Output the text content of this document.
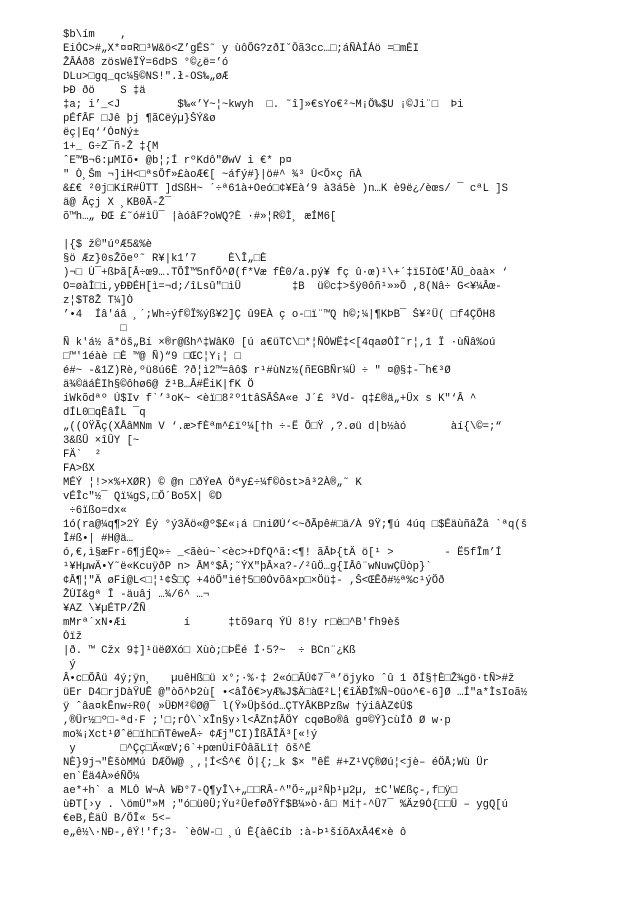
$b\ím    ,
EiÓC>#„X*¤¤R□³W&ö<Z’gÉS˜ y ùôÕG?zðI˘Ôã3cc…□;áÑÀÍÁö =□mÈI
ŽÂÁð8 zösWêÏŸ=6dÞS °©¿ë=’ó
DLu>□gq_qc¼§©NS!".ł-OS‰„øÆ
ÞÐ ðö    S ‡ä
‡a; i’_<J         $‰«’Y~¦~kwyh  □. ˜î]»€sYo€²~M¡Ö‰$U ¡©Ji¨□  Þi
pÉfÂF □Jê þj ¶ãCëýµ}ŠÝ&ø
ëç|Eq‘‘Ó¤Ný±
1+_ G÷Z¯ñ-Ž ‡{M
ˆE™B¬6:µMIõ• @b¦;Í rºKdô"ØwV i €* p¤
" Ò¸Šm ¬]iH<□ªsÔf»£àoÆ€[ ~áfý#}|ö#^ ¾³ Ù<Õ×ç ñÀ
&£€ ²0j□KíR#ÜTT ]dSßH~ ´÷ª61à+Oeó□¢¥Eà‘9 à3á5è )n…K è9ë¿/èœs/ ¯ cªL ]S
ä@ Âçj X ¸KB0Ã-Ž¯
õ™h…„ ÐŒ £˜ó#ìÜ¯ |àóâF?oWQ?È ·#»¦R©Ì¸ æÍM6[
|{$ ž©"úºÆ5&%è
§ö Æz}0sŽõeº˜ R¥|k1’7     È\Î„□È
)¬□ Ù¯+ßÞã[Â÷œ9….TÕÎ™5nfÕ^Ø(f*Væ fÈ0/a.pý¥ fç û·œ)¹\+´‡ï5IòŒ'ÃÛ_òaà× ‘
O=øàÌ□i,yÐÐÉH[ì=¬d;/îLsû″□ìÜ        ‡B  ü©c‡>šÿ0ôñ¹»»Ô ,8(Nâ÷ G<¥¼Âœ-
z¦$T8Ž T¼]Ò
’•4  Íâ'áâ ¸´;Wh÷ýf©Ï%ýß¥2]Ç û9EÀ ç o-□ï¨™Q h©;¼|¶KÞB¯ Š¥²Ü( □f4ÇÕH8
□
Ñ k'á½ ã*öš„Bí ×®r@ßh^‡WâK0 [ú a€üTC\□*¦ÑÓWË‡<[4qaøÒÌ˜r¦,1 Ï ·ùÑâ%oú
□™'1éàè □È ™@ Ñ)“9 □ŒC¦Y¡¦ □
é#~ -&1Z)Rè,ºü8ú6È ?ð¦ì2™=âô$ r¹#ùNz½(ñEGBÑr¼Ü ÷ " ¤@§‡-¯h€³Ø
ä¾©äáÈIh§©ôhø6@ ž¹B…Â#ËiK|fK Ö
iWkõdªº Ú$Iv f`’³oK~ <èï□8²º1tâSÂŠA«e J´£ ³Vd- q‡£®ä„+Ûx s K"‘Â ^
dÍL0□qÊâÎL ¯q
„((OŸÃç(XÅâMNm V ‘.æ>fÈªm^£ïº¼[†h ÷-Ë Õ□Ÿ ,?.øü d|b½àó       àí{\©=;“
3&ßÛ ×îÛY [~
FÄ`  ²
FA>ßX
MÉÝ ¦!>×%+XØR) © @n □ðÝeA Öªy£÷¼f©ôst>â³2À®„˜ K
vÉÎc"½¯ Qï¼gS,□Ô´Bo5X| ©D
÷6ïßo=dx«
1ó(ra@¼q¶>2Ý Éý °ý3Äö«@º$£«¡á □niØÚ‘<~ðÃpê#□ä/À 9Ÿ;¶ú 4úq □$ÉäùñâŽâ `ªq(š
Î#ß•| #H@ä…
ó,€,ì§æFr-6¶jÉQ»÷ _<ãèú~`<èc>+DfQ^ã:<¶! ãÂÞ{tÄ ö[¹ >        - Ë5fÎm’Í
¹¥HµwÄ•Y˜ë«KcuÿðP n> ÂM°$Â;˜ÝX"þÂ×a?-/²ûÖ…g{IÂô¨wNuwÇÜòp}`
¢Â¶¦"Ä øFi@L<□¦¹¢Š□Ç +4öÕ"ìé†5□0Óvõâ×p□×Öü‡- ,Š<ŒÊð#½ª%c¹ýÕð
ŽÙI&gª Î -äuâj …¾/6^ …¬
¥AZ \¥µÉTP/ŽÑ
mMrª´xN•Æi         í      ‡tõ9arq ÝÚ 8!y r□ë□^B'fh9èš
Òïž
|ð. ™ Cžx 9‡]¹üëØXó□ Xùò;□ÞËé Í·5?~  ÷ BCn¨¿Kß
ý
Â•c□ÕÂü 4ý;ÿn¸   µuêHß□ü x°;·%·‡ 2«ó□ÃÚ¢7¯ª’öjyko ˆû 1 ðÍ§†È□Ž¾gö·tÑ>#ž
üEr D4□rjDàŸUÊ @"òõ^Þ2ù[ •<âÎô€>yÆ‰J$Ä□àŒ²L¦€îÄÐÎ%Ñ~Oüo^€-6]Ø …Í"a*ÌsIoã½
ÿ ˆâa¤kÊnw÷R0( »ÜÐM²©Ø@¯ l(Ÿ»Ûþšód…ÇTYÂKBPzßw †ýiâÀZ¢Ú$
,®Ür½□º□-ªd·F ;'□;rÒ\`xÎn§y›l<ÂZn‡ÂÖY cqøBo®â g¤©Ý}cùÍð Ø w·p
mo¾¡Xct¹Øˆë□ïh□ñTêweÅ÷ ¢Æj"CI)ÎßÃÎÄ³[«!ý
y       □^Çç□Ä«œV;6`+pœnÚiFÒâãLï† ôš^É
NÈ}9j¬"ÈšòMMú DÆÖW@ ¸,¦Í<Š^€ Ö|{;_k $× "êË #+Z¹VÇ®Øú¦<jè– éÖÅ;Wù Ür
en`Ëä4À»éÑÕ¼
ae*+h` a MLÒ W¬À WÐ°7-Q¶yÎ\+„□□RÂ-^"Õ÷„µ²Ñþ¹µ2µ, ±C'W£ßç-,f□ÿ□
ùÐT[›y . \ömÙ"»M ;"ó□ü0Ü;Ýu²ÜeføðŸf$B¼»ò·â□ Mi†-^Û7¯ %Äz9Ó{□□Ü – ygQ[ú
€eB,ÈäÜ B/ÕÎ« 5<–
e„ê½\·NÐ-,êÝ!'f;3- `èôW-□ ¸ú È{àêCíb :à-Þ¹šíõAxÂ4€×è ô
